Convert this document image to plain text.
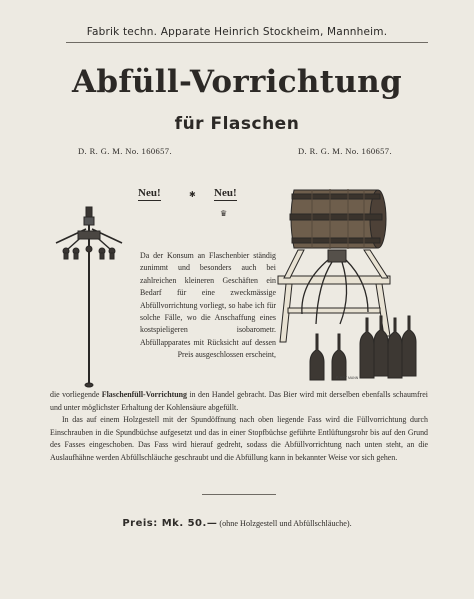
Fabrik techn. Apparate Heinrich Stockheim, Mannheim.
Abfüll-Vorrichtung
für Flaschen
D. R. G. M. No. 160657.	D. R. G. M. No. 160657.
Neu!	✱ Neu!
♛
F. HOT MANN
Da der Konsum an Flaschenbier ständig zunimmt und besonders auch bei zahlreichen kleineren Geschäften ein Bedarf für eine zweckmässige Abfüllvorrichtung vorliegt, so habe ich für solche Fälle, wo die Anschaffung eines kostspieligeren isobarometr. Abfüllapparates mit Rücksicht auf dessen Preis ausgeschlossen erscheint,

die vorliegende Flaschenfüll-Vorrichtung in den Handel gebracht. Das Bier wird mit derselben ebenfalls schaumfrei und unter möglichster Erhaltung der Kohlensäure abgefüllt.

In das auf einem Holzgestell mit der Spundöffnung nach oben liegende Fass wird die Füllvorrichtung durch Einschrauben in die Spundbüchse aufgesetzt und das in einer Stopfbüchse geführte Entlüftungsrohr bis auf den Grund des Fasses eingeschoben. Das Fass wird hierauf gedreht, sodass die Abfüllvorrichtung nach unten steht, an die Auslaufhähne werden Abfüllschläuche geschraubt und die Abfüllung kann in bekannter Weise vor sich gehen.

Preis: Mk. 50.— (ohne Holzgestell und Abfüllschläuche).
